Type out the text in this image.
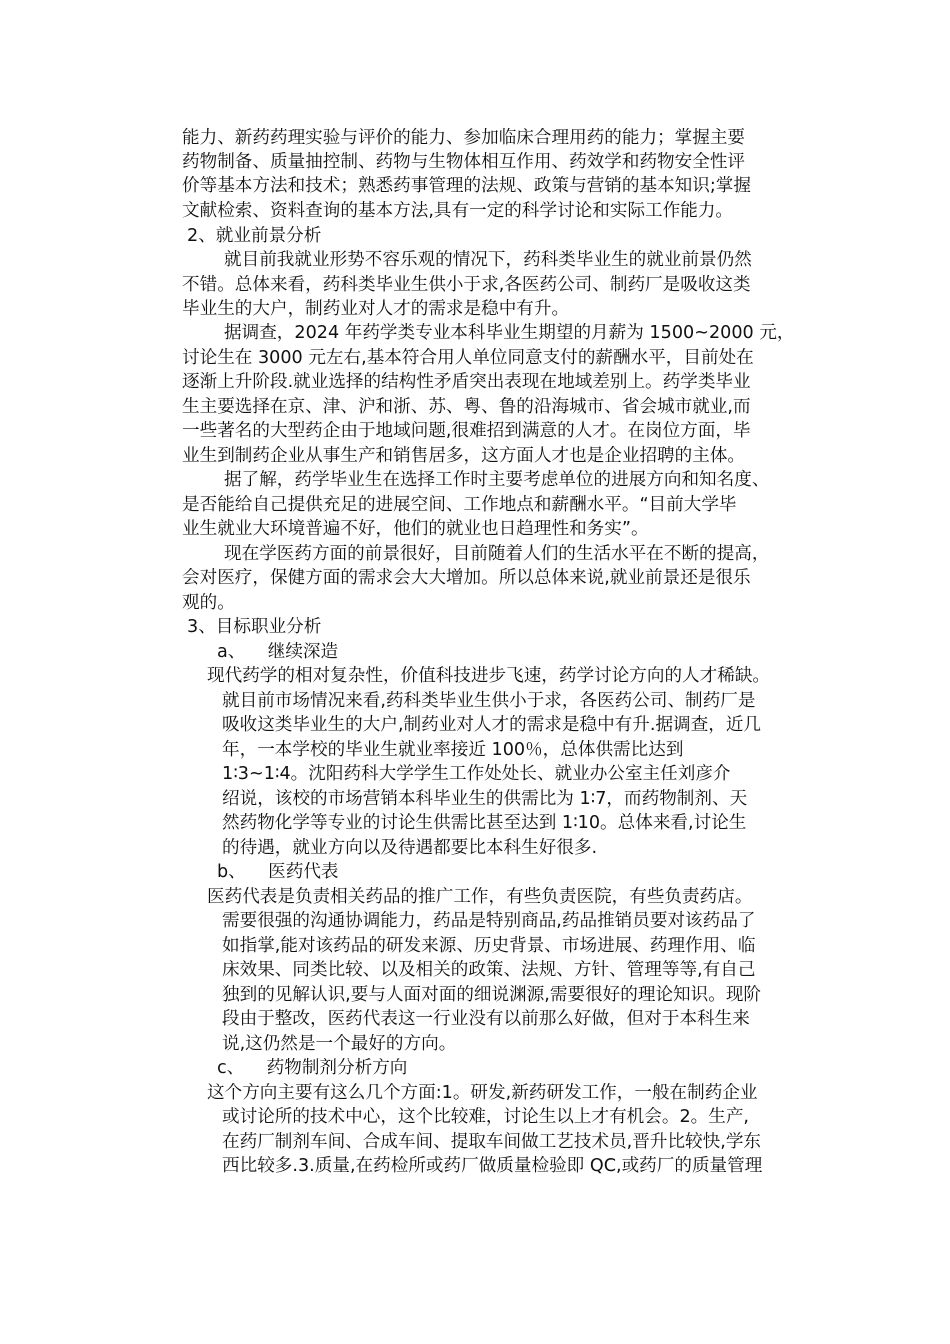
能力、新药药理实验与评价的能力、参加临床合理用药的能力；掌握主要
药物制备、质量抽控制、药物与生物体相互作用、药效学和药物安全性评
价等基本方法和技术；熟悉药事管理的法规、政策与营销的基本知识;掌握
文献检索、资料查询的基本方法,具有一定的科学讨论和实际工作能力。
2、就业前景分析
就目前我就业形势不容乐观的情况下，药科类毕业生的就业前景仍然
不错。总体来看，药科类毕业生供小于求,各医药公司、制药厂是吸收这类
毕业生的大户，制药业对人才的需求是稳中有升。
据调查，2024 年药学类专业本科毕业生期望的月薪为 1500~2000 元，
讨论生在 3000 元左右,基本符合用人单位同意支付的薪酬水平，目前处在
逐渐上升阶段.就业选择的结构性矛盾突出表现在地域差别上。药学类毕业
生主要选择在京、津、沪和浙、苏、粤、鲁的沿海城市、省会城市就业,而
一些著名的大型药企由于地域问题,很难招到满意的人才。在岗位方面，毕
业生到制药企业从事生产和销售居多，这方面人才也是企业招聘的主体。
据了解，药学毕业生在选择工作时主要考虑单位的进展方向和知名度、
是否能给自己提供充足的进展空间、工作地点和薪酬水平。“目前大学毕
业生就业大环境普遍不好，他们的就业也日趋理性和务实”。
现在学医药方面的前景很好，目前随着人们的生活水平在不断的提高，
会对医疗，保健方面的需求会大大增加。所以总体来说,就业前景还是很乐
观的。
3、目标职业分析
a、    继续深造
现代药学的相对复杂性，价值科技进步飞速，药学讨论方向的人才稀缺。
就目前市场情况来看,药科类毕业生供小于求，各医药公司、制药厂是
吸收这类毕业生的大户,制药业对人才的需求是稳中有升.据调查，近几
年，一本学校的毕业生就业率接近 100％，总体供需比达到
1∶3~1∶4。沈阳药科大学学生工作处处长、就业办公室主任刘彦介
绍说，该校的市场营销本科毕业生的供需比为 1∶7，而药物制剂、天
然药物化学等专业的讨论生供需比甚至达到 1∶10。总体来看,讨论生
的待遇，就业方向以及待遇都要比本科生好很多.
b、    医药代表
医药代表是负责相关药品的推广工作，有些负责医院，有些负责药店。
需要很强的沟通协调能力，药品是特别商品,药品推销员要对该药品了
如指掌,能对该药品的研发来源、历史背景、市场进展、药理作用、临
床效果、同类比较、以及相关的政策、法规、方针、管理等等,有自己
独到的见解认识,要与人面对面的细说渊源,需要很好的理论知识。现阶
段由于整改，医药代表这一行业没有以前那么好做，但对于本科生来
说,这仍然是一个最好的方向。
c、    药物制剂分析方向
这个方向主要有这么几个方面:1。研发,新药研发工作，一般在制药企业
或讨论所的技术中心，这个比较难，讨论生以上才有机会。2。生产,
在药厂制剂车间、合成车间、提取车间做工艺技术员,晋升比较快,学东
西比较多.3.质量,在药检所或药厂做质量检验即 QC,或药厂的质量管理
